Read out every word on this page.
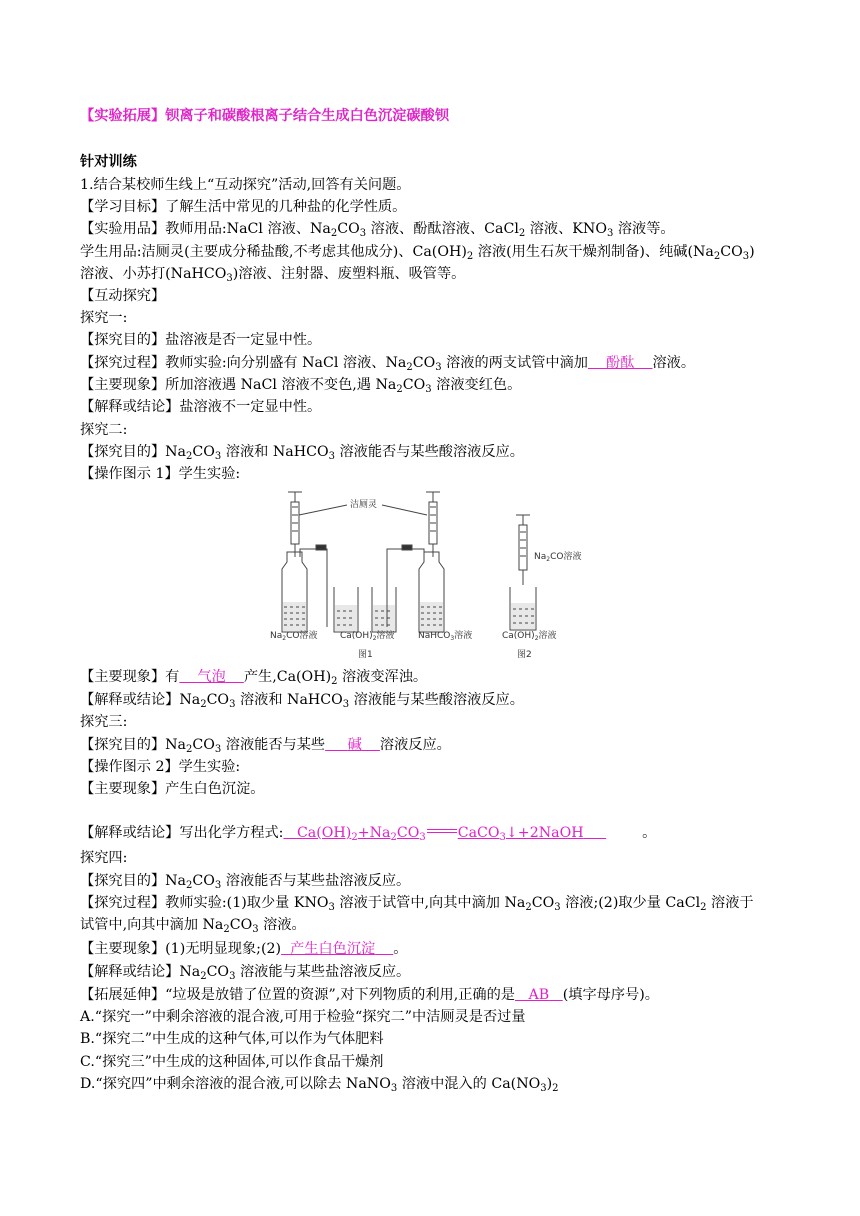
【实验拓展】钡离子和碳酸根离子结合生成白色沉淀碳酸钡
针对训练
1.结合某校师生线上“互动探究”活动,回答有关问题。
【学习目标】了解生活中常见的几种盐的化学性质。
【实验用品】教师用品:NaCl 溶液、$Na_2CO_3$ 溶液、酚酞溶液、CaCl$_2$ 溶液、$KNO_3$ 溶液等。
学生用品:洁厕灵(主要成分稀盐酸,不考虑其他成分)、$Ca(OH)_2$ 溶液(用生石灰干燥剂制备)、纯碱$(Na_2CO_3)$
溶液、小苏打(NaHCO$_3$)溶液、注射器、废塑料瓶、吸管等。
【互动探究】
探究一:
【探究目的】盐溶液是否一定显中性。
【探究过程】教师实验:向分别盛有 NaCl 溶液、$Na_2CO_3$ 溶液的两支试管中滴加 酚酞 溶液。
【主要现象】所加溶液遇 NaCl 溶液不变色,遇 $Na_2CO_3$ 溶液变红色。
【解释或结论】盐溶液不一定显中性。
探究二:
【探究目的】$Na_2CO_3$ 溶液和 NaHCO$_3$ 溶液能否与某些酸溶液反应。
【操作图示 1】学生实验:
洁厕灵
$Na_2CO$溶液	$Ca(OH)_2$溶液	NaHCO$_3$溶液
图1
$Na_2CO$溶液
$Ca(OH)_2$溶液
图2
【主要现象】有 气泡 产生$,Ca(OH)_2$ 溶液变浑浊。
【解释或结论】$Na_2CO_3$ 溶液和 NaHCO$_3$ 溶液能与某些酸溶液反应。
探究三:
【探究目的】$Na_2CO_3$ 溶液能否与某些 碱 溶液反应。
【操作图示 2】学生实验:
【主要现象】产生白色沉淀。
【解释或结论】写出化学方程式: $Ca(OH)_2+Na_2CO_3$ CaCO$_3$↓+2NaOH	。
探究四:
【探究目的】$Na_2CO_3$ 溶液能否与某些盐溶液反应。
【探究过程】教师实验:(1)取少量 $KNO_3$ 溶液于试管中,向其中滴加 $Na_2CO_3$ 溶液;(2)取少量 CaCl$_2$ 溶液于
试管中,向其中滴加 $Na_2CO_3$ 溶液。
【主要现象】(1)无明显现象;(2) 产生白色沉淀 。
【解释或结论】$Na_2CO_3$ 溶液能与某些盐溶液反应。
【拓展延伸】“垃圾是放错了位置的资源”,对下列物质的利用,正确的是 AB (填字母序号)。
A.“探究一”中剩余溶液的混合液,可用于检验“探究二”中洁厕灵是否过量
B.“探究二”中生成的这种气体,可以作为气体肥料
C.“探究三”中生成的这种固体,可以作食品干燥剂
D.“探究四”中剩余溶液的混合液,可以除去 NaNO$_3$ 溶液中混入的 $Ca(NO_3)_2$
